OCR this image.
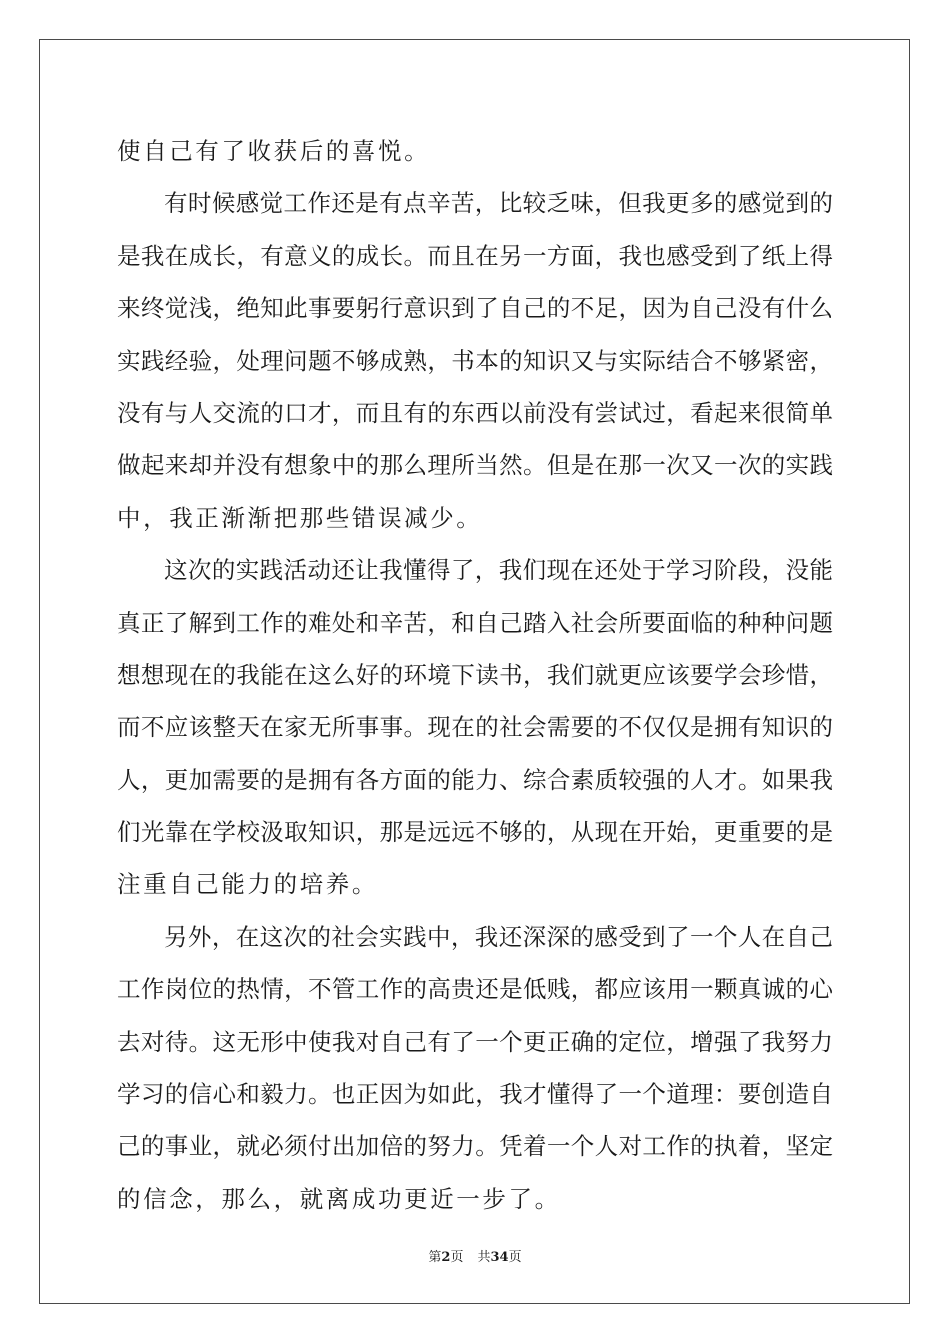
使自己有了收获后的喜悦。
有时候感觉工作还是有点辛苦，比较乏味，但我更多的感觉到的
是我在成长，有意义的成长。而且在另一方面，我也感受到了纸上得
来终觉浅，绝知此事要躬行意识到了自己的不足，因为自己没有什么
实践经验，处理问题不够成熟，书本的知识又与实际结合不够紧密，
没有与人交流的口才，而且有的东西以前没有尝试过，看起来很简单
做起来却并没有想象中的那么理所当然。但是在那一次又一次的实践
中，我正渐渐把那些错误减少。
这次的实践活动还让我懂得了，我们现在还处于学习阶段，没能
真正了解到工作的难处和辛苦，和自己踏入社会所要面临的种种问题
想想现在的我能在这么好的环境下读书，我们就更应该要学会珍惜，
而不应该整天在家无所事事。现在的社会需要的不仅仅是拥有知识的
人，更加需要的是拥有各方面的能力、综合素质较强的人才。如果我
们光靠在学校汲取知识，那是远远不够的，从现在开始，更重要的是
注重自己能力的培养。
另外，在这次的社会实践中，我还深深的感受到了一个人在自己
工作岗位的热情，不管工作的高贵还是低贱，都应该用一颗真诚的心
去对待。这无形中使我对自己有了一个更正确的定位，增强了我努力
学习的信心和毅力。也正因为如此，我才懂得了一个道理：要创造自
己的事业，就必须付出加倍的努力。凭着一个人对工作的执着，坚定
的信念，那么，就离成功更近一步了。
第2页 共34页
